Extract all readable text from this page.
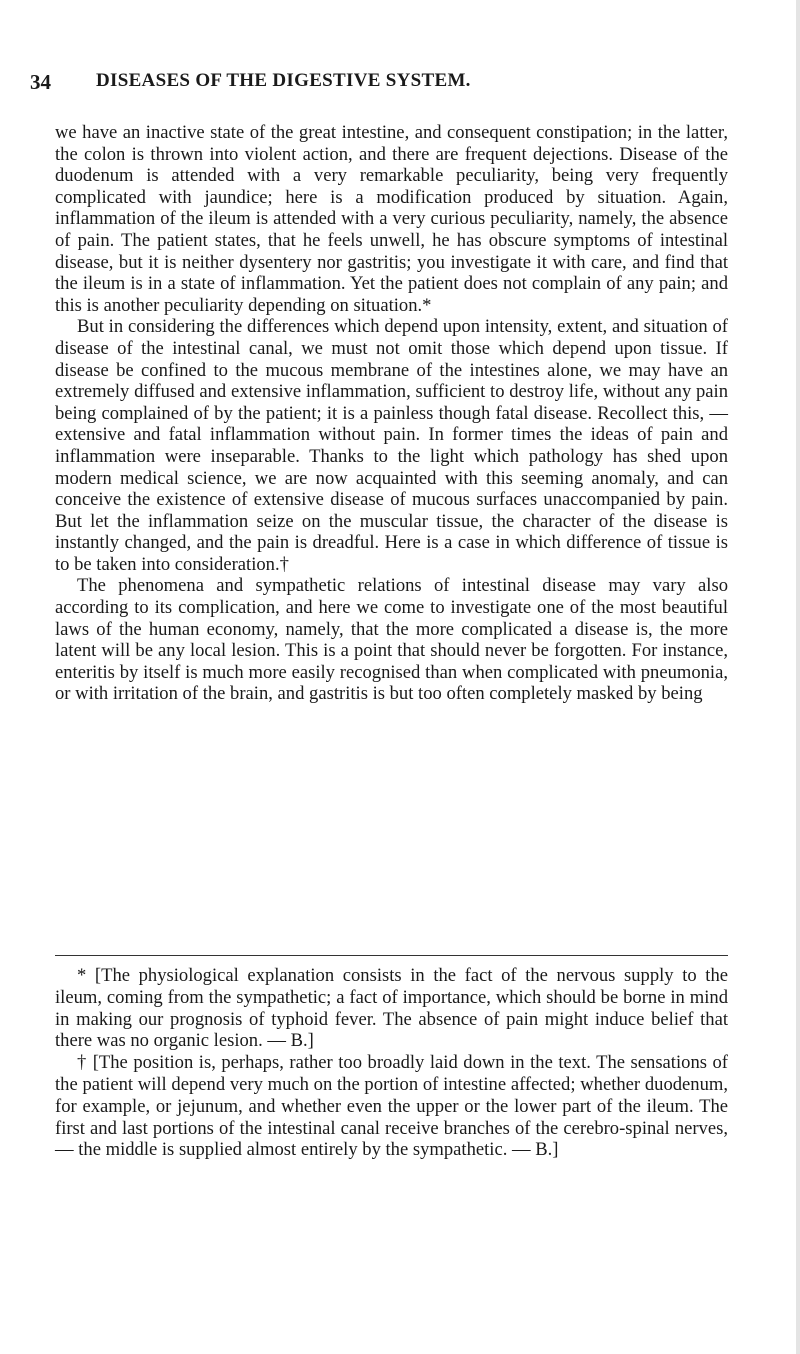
34 DISEASES OF THE DIGESTIVE SYSTEM.

we have an inactive state of the great intestine, and consequent constipation; in the latter, the colon is thrown into violent action, and there are frequent dejections. Disease of the duodenum is attended with a very remarkable peculiarity, being very frequently complicated with jaundice; here is a modification produced by situation. Again, inflammation of the ileum is attended with a very curious peculiarity, namely, the absence of pain. The patient states, that he feels unwell, he has obscure symptoms of intestinal disease, but it is neither dysentery nor gastritis; you investigate it with care, and find that the ileum is in a state of inflammation. Yet the patient does not complain of any pain; and this is another peculiarity depending on situation.*

But in considering the differences which depend upon intensity, extent, and situation of disease of the intestinal canal, we must not omit those which depend upon tissue. If disease be confined to the mucous membrane of the intestines alone, we may have an extremely diffused and extensive inflammation, sufficient to destroy life, without any pain being complained of by the patient; it is a painless though fatal disease. Recollect this, — extensive and fatal inflammation without pain. In former times the ideas of pain and inflammation were inseparable. Thanks to the light which pathology has shed upon modern medical science, we are now acquainted with this seeming anomaly, and can conceive the existence of extensive disease of mucous surfaces unaccompanied by pain. But let the inflammation seize on the muscular tissue, the character of the disease is instantly changed, and the pain is dreadful. Here is a case in which difference of tissue is to be taken into consideration.†

The phenomena and sympathetic relations of intestinal disease may vary also according to its complication, and here we come to investigate one of the most beautiful laws of the human economy, namely, that the more complicated a disease is, the more latent will be any local lesion. This is a point that should never be forgotten. For instance, enteritis by itself is much more easily recognised than when complicated with pneumonia, or with irritation of the brain, and gastritis is but too often completely masked by being

* [The physiological explanation consists in the fact of the nervous supply to the ileum, coming from the sympathetic; a fact of importance, which should be borne in mind in making our prognosis of typhoid fever. The absence of pain might induce belief that there was no organic lesion. — B.]

† [The position is, perhaps, rather too broadly laid down in the text. The sensations of the patient will depend very much on the portion of intestine affected; whether duodenum, for example, or jejunum, and whether even the upper or the lower part of the ileum. The first and last portions of the intestinal canal receive branches of the cerebro-spinal nerves, — the middle is supplied almost entirely by the sympathetic. — B.]
